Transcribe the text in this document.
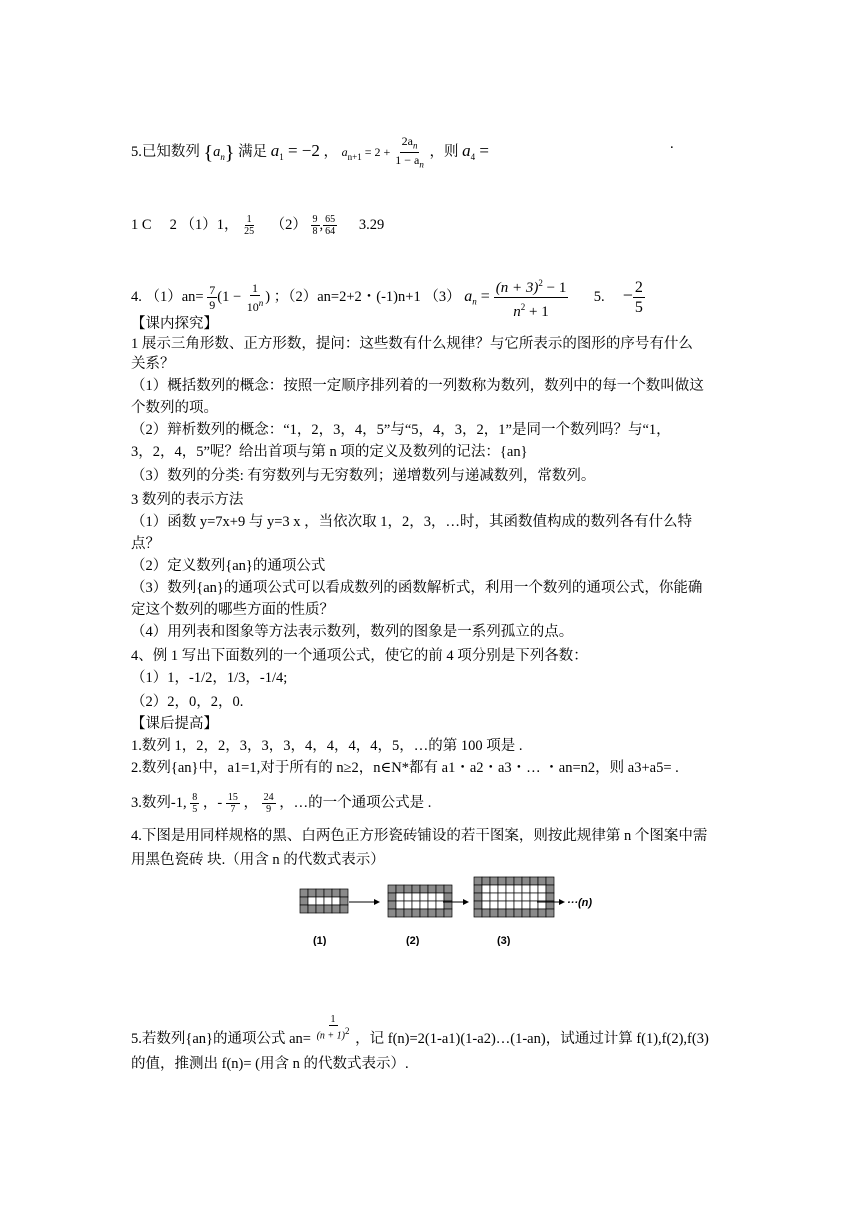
5.已知数列 $\{a_n\}$ 满足 $a_1 = -2$ ， $a_{n+1} = 2 + \frac{2a_n}{1 - a_n}$ ，则 $a_4$ =	.
1 C 2 （1）1， $\frac{1}{25} (2) \frac{9}{8}$ , $\frac{65}{64} 3.29$
4. $(1)an= \frac{7}{9} (1 - \frac{1}{10^n}$ ) ；（2）an=2+2・(-1)n+1 （3） $a_n = \frac{(n + 3)^2 - 1}{n^2 + 1} 5$. − $\frac{2}{5}$
【课内探究】
1 展示三角形数、正方形数，提问：这些数有什么规律？与它所表示的图形的序号有什么
关系？
（1）概括数列的概念：按照一定顺序排列着的一列数称为数列，数列中的每一个数叫做这
个数列的项。
（2）辩析数列的概念：“1，2，3，4，5”与“5，4，3，2，1”是同一个数列吗？与“1，
3，2，4，5”呢？给出首项与第 n 项的定义及数列的记法：{an}
（3）数列的分类: 有穷数列与无穷数列；递增数列与递减数列，常数列。
3 数列的表示方法
（1）函数 y=7x+9 与 y=3 x ，当依次取 1，2，3，…时，其函数值构成的数列各有什么特
点？
（2）定义数列{an}的通项公式
（3）数列{an}的通项公式可以看成数列的函数解析式，利用一个数列的通项公式，你能确
定这个数列的哪些方面的性质？
（4）用列表和图象等方法表示数列，数列的图象是一系列孤立的点。
4、例 1 写出下面数列的一个通项公式，使它的前 4 项分别是下列各数：
（1）1，-1/2，1/3，-1/4;
（2）2，0，2，0.
【课后提高】
1.数列 1，2，2，3，3，3，4，4，4，4，5，…的第 100 项是 .
2.数列{an}中，a1=1,对于所有的 n≥2，n∈N*都有 a1・a2・a3・… ・an=n2，则 a3+a5= .
3.数列-1, $\frac{8}{5}$ ，- $\frac{15}{7}$ ， $\frac{24}{9}$ ，…的一个通项公式是 .
4.下图是用同样规格的黑、白两色正方形瓷砖铺设的若干图案，则按此规律第 n 个图案中需
用黑色瓷砖 块.（用含 n 的代数式表示）
(1)	(2)	(3)
···(n)
5.若数列{an}的通项公式 $an= \frac{1}{(n + 1)^2}$ ，记 f(n)=2(1-a1)(1-a2)…(1-an)，试通过计算 f(1),f(2),f(3)
的值，推测出 f(n)= (用含 n 的代数式表示）.
